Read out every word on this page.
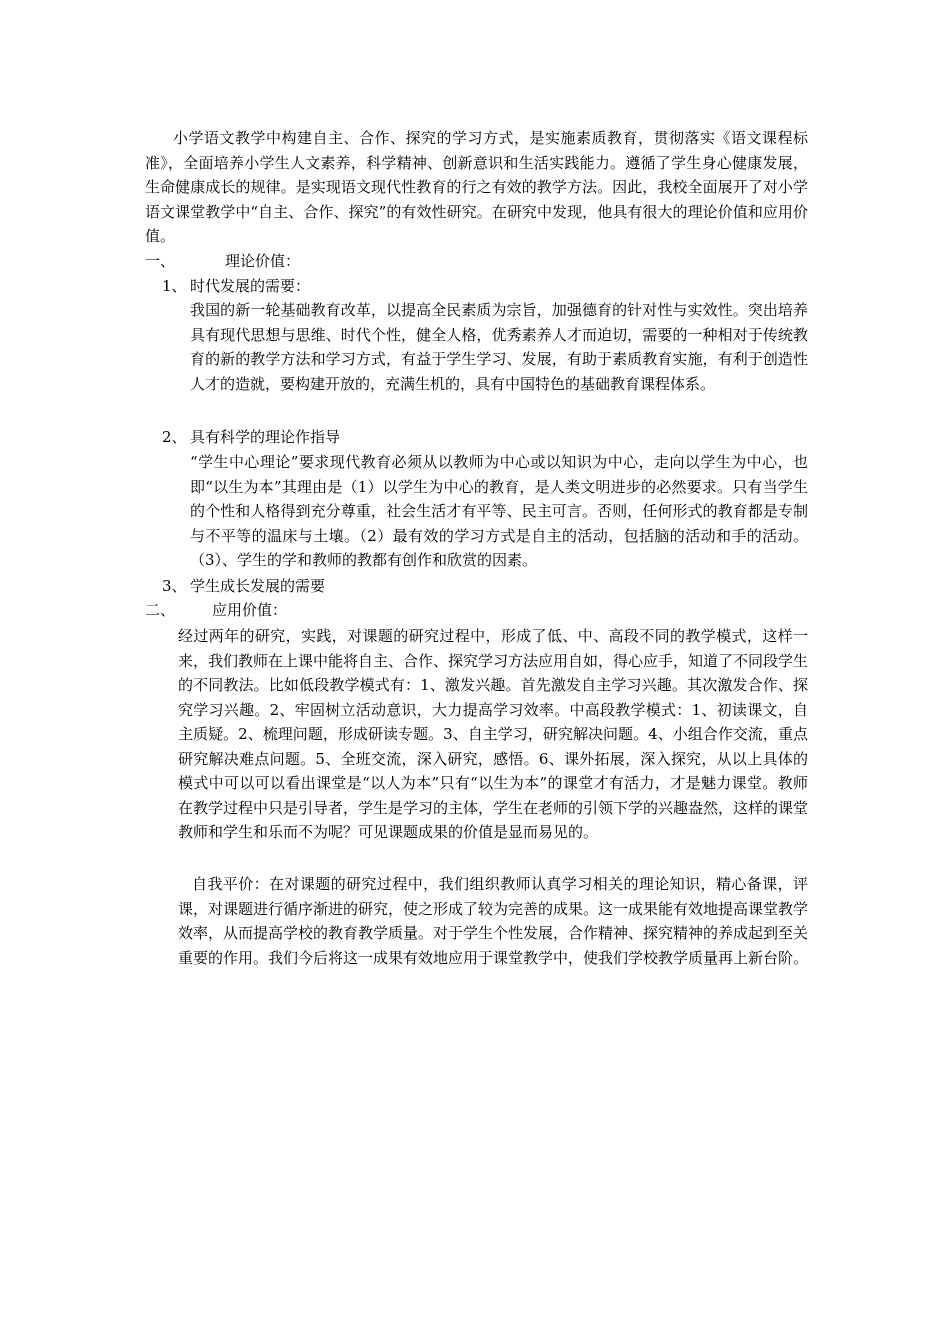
小学语文教学中构建自主、合作、探究的学习方式，是实施素质教育，贯彻落实《语文课程标准》，全面培养小学生人文素养，科学精神、创新意识和生活实践能力。遵循了学生身心健康发展，生命健康成长的规律。是实现语文现代性教育的行之有效的教学方法。因此，我校全面展开了对小学语文课堂教学中“自主、合作、探究”的有效性研究。在研究中发现，他具有很大的理论价值和应用价值。

一、	理论价值：
1、 时代发展的需要：

我国的新一轮基础教育改革，以提高全民素质为宗旨，加强德育的针对性与实效性。突出培养具有现代思想与思维、时代个性，健全人格，优秀素养人才而迫切，需要的一种相对于传统教育的新的教学方法和学习方式，有益于学生学习、发展，有助于素质教育实施，有利于创造性人才的造就，要构建开放的，充满生机的，具有中国特色的基础教育课程体系。

2、 具有科学的理论作指导

“学生中心理论”要求现代教育必须从以教师为中心或以知识为中心，走向以学生为中心，也即“以生为本”其理由是（1）以学生为中心的教育，是人类文明进步的必然要求。只有当学生的个性和人格得到充分尊重，社会生活才有平等、民主可言。否则，任何形式的教育都是专制与不平等的温床与土壤。（2）最有效的学习方式是自主的活动，包括脑的活动和手的活动。（3）、学生的学和教师的教都有创作和欣赏的因素。

3、 学生成长发展的需要
二、 应用价值：

经过两年的研究，实践，对课题的研究过程中，形成了低、中、高段不同的教学模式，这样一来，我们教师在上课中能将自主、合作、探究学习方法应用自如，得心应手，知道了不同段学生的不同教法。比如低段教学模式有：1、激发兴趣。首先激发自主学习兴趣。其次激发合作、探究学习兴趣。2、牢固树立活动意识，大力提高学习效率。中高段教学模式：1、初读课文，自主质疑。2、梳理问题，形成研读专题。3、自主学习，研究解决问题。4、小组合作交流，重点研究解决难点问题。5、全班交流，深入研究，感悟。6、课外拓展，深入探究，从以上具体的模式中可以可以看出课堂是“以人为本”只有“以生为本”的课堂才有活力，才是魅力课堂。教师在教学过程中只是引导者，学生是学习的主体，学生在老师的引领下学的兴趣盎然，这样的课堂教师和学生和乐而不为呢？可见课题成果的价值是显而易见的。

自我平价：在对课题的研究过程中，我们组织教师认真学习相关的理论知识，精心备课，评课，对课题进行循序渐进的研究，使之形成了较为完善的成果。这一成果能有效地提高课堂教学效率，从而提高学校的教育教学质量。对于学生个性发展，合作精神、探究精神的养成起到至关重要的作用。我们今后将这一成果有效地应用于课堂教学中，使我们学校教学质量再上新台阶。
